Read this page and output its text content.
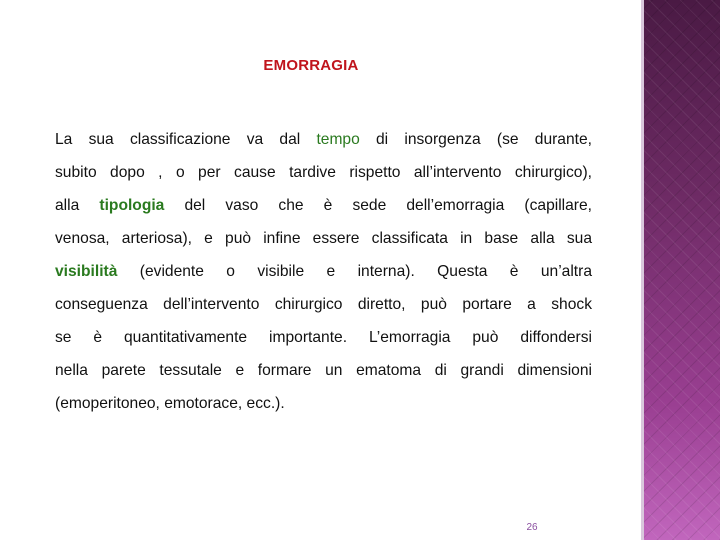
EMORRAGIA
La sua classificazione va dal tempo di insorgenza (se durante,
subito dopo , o per cause tardive rispetto all’intervento chirurgico),
alla tipologia del vaso che è sede dell’emorragia (capillare,
venosa, arteriosa), e può infine essere classificata in base alla sua
visibilità (evidente o visibile e interna). Questa è un’altra
conseguenza dell’intervento chirurgico diretto, può portare a shock
se è quantitativamente importante. L’emorragia può diffondersi
nella parete tessutale e formare un ematoma di grandi dimensioni
(emoperitoneo, emotorace, ecc.).
26
